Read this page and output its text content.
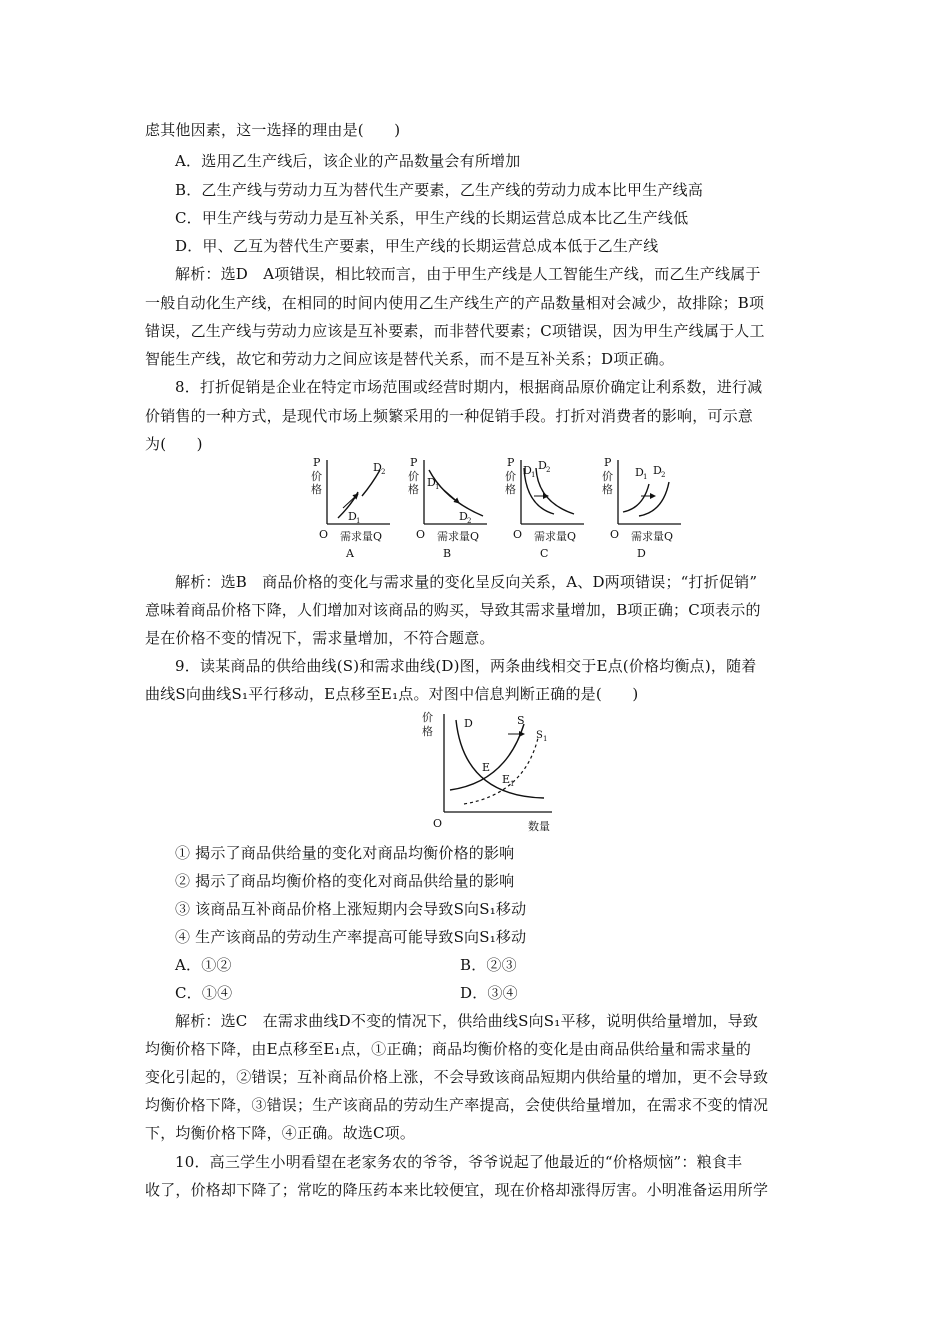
虑其他因素，这一选择的理由是(　　)
A．选用乙生产线后，该企业的产品数量会有所增加
B．乙生产线与劳动力互为替代生产要素，乙生产线的劳动力成本比甲生产线高
C．甲生产线与劳动力是互补关系，甲生产线的长期运营总成本比乙生产线低
D．甲、乙互为替代生产要素，甲生产线的长期运营总成本低于乙生产线
解析：选D　A项错误，相比较而言，由于甲生产线是人工智能生产线，而乙生产线属于
一般自动化生产线，在相同的时间内使用乙生产线生产的产品数量相对会减少，故排除；B项
错误，乙生产线与劳动力应该是互补要素，而非替代要素；C项错误，因为甲生产线属于人工
智能生产线，故它和劳动力之间应该是替代关系，而不是互补关系；D项正确。
8．打折促销是企业在特定市场范围或经营时期内，根据商品原价确定让利系数，进行减
价销售的一种方式，是现代市场上频繁采用的一种促销手段。打折对消费者的影响，可示意
为(　　)
P
价
格
D 2
D 1
O 需求量Q
A
P
价
格
D 1
D 2
O 需求量Q
B
P
价
格
D 1
D 2
O 需求量Q
C
P
价
格
D 1 D 2
O 需求量Q
D
解析：选B　商品价格的变化与需求量的变化呈反向关系，A、D两项错误；“打折促销”
意味着商品价格下降，人们增加对该商品的购买，导致其需求量增加，B项正确；C项表示的
是在价格不变的情况下，需求量增加，不符合题意。
9．读某商品的供给曲线(S)和需求曲线(D)图，两条曲线相交于E点(价格均衡点)，随着
曲线S向曲线S₁平行移动，E点移至E₁点。对图中信息判断正确的是(　　)
价
格
D	S
S 1
E
E 1
O	数量
① 揭示了商品供给量的变化对商品均衡价格的影响
② 揭示了商品均衡价格的变化对商品供给量的影响
③ 该商品互补商品价格上涨短期内会导致S向S₁移动
④ 生产该商品的劳动生产率提高可能导致S向S₁移动
A．①②	B．②③
C．①④	D．③④
解析：选C　在需求曲线D不变的情况下，供给曲线S向S₁平移，说明供给量增加，导致
均衡价格下降，由E点移至E₁点，①正确；商品均衡价格的变化是由商品供给量和需求量的
变化引起的，②错误；互补商品价格上涨，不会导致该商品短期内供给量的增加，更不会导致
均衡价格下降，③错误；生产该商品的劳动生产率提高，会使供给量增加，在需求不变的情况
下，均衡价格下降，④正确。故选C项。
10．高三学生小明看望在老家务农的爷爷，爷爷说起了他最近的“价格烦恼”：粮食丰
收了，价格却下降了；常吃的降压药本来比较便宜，现在价格却涨得厉害。小明准备运用所学
